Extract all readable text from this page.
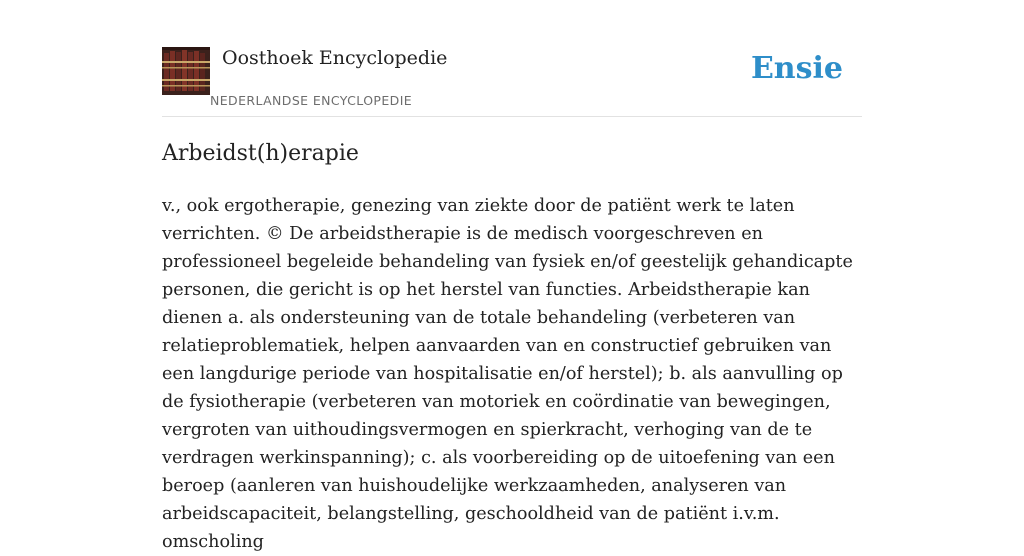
Oosthoek Encyclopedie
NEDERLANDSE ENCYCLOPEDIE
Ensie
Arbeidst(h)erapie

v., ook ergotherapie, genezing van ziekte door de patiënt werk te laten verrichten. © De arbeidstherapie is de medisch voorgeschreven en professioneel begeleide behandeling van fysiek en/of geestelijk gehandicapte personen, die gericht is op het herstel van functies. Arbeidstherapie kan dienen a. als ondersteuning van de totale behandeling (verbeteren van relatieproblematiek, helpen aanvaarden van en constructief gebruiken van een langdurige periode van hospitalisatie en/of herstel); b. als aanvulling op de fysiotherapie (verbeteren van motoriek en coördinatie van bewegingen, vergroten van uithoudingsvermogen en spierkracht, verhoging van de te verdragen werkinspanning); c. als voorbereiding op de uitoefening van een beroep (aanleren van huishoudelijke werkzaamheden, analyseren van arbeidscapaciteit, belangstelling, geschooldheid van de patiënt i.v.m. omscholing
